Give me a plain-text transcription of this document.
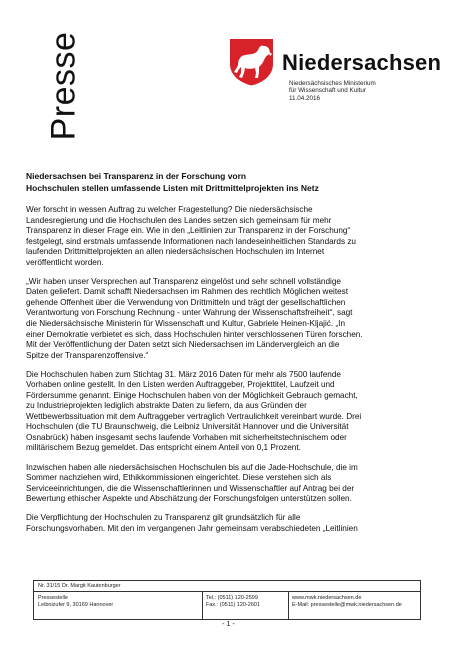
Presse	Niedersachsen
Niedersächsisches Ministerium
für Wissenschaft und Kultur
11.04.2016
Niedersachsen bei Transparenz in der Forschung vorn
Hochschulen stellen umfassende Listen mit Drittmittelprojekten ins Netz
Wer forscht in wessen Auftrag zu welcher Fragestellung? Die niedersächsische
Landesregierung und die Hochschulen des Landes setzen sich gemeinsam für mehr
Transparenz in dieser Frage ein. Wie in den „Leitlinien zur Transparenz in der Forschung“
festgelegt, sind erstmals umfassende Informationen nach landeseinheitlichen Standards zu
laufenden Drittmittelprojekten an allen niedersächsischen Hochschulen im Internet
veröffentlicht worden.
„Wir haben unser Versprechen auf Transparenz eingelöst und sehr schnell vollständige
Daten geliefert. Damit schafft Niedersachsen im Rahmen des rechtlich Möglichen weitest
gehende Offenheit über die Verwendung von Drittmitteln und trägt der gesellschaftlichen
Verantwortung von Forschung Rechnung - unter Wahrung der Wissenschaftsfreiheit“, sagt
die Niedersächsische Ministerin für Wissenschaft und Kultur, Gabriele Heinen-Kljajić. „In
einer Demokratie verbietet es sich, dass Hochschulen hinter verschlossenen Türen forschen.
Mit der Veröffentlichung der Daten setzt sich Niedersachsen im Ländervergleich an die
Spitze der Transparenzoffensive.“
Die Hochschulen haben zum Stichtag 31. März 2016 Daten für mehr als 7500 laufende
Vorhaben online gestellt. In den Listen werden Auftraggeber, Projekttitel, Laufzeit und
Fördersumme genannt. Einige Hochschulen haben von der Möglichkeit Gebrauch gemacht,
zu Industrieprojekten lediglich abstrakte Daten zu liefern, da aus Gründen der
Wettbewerbssituation mit dem Auftraggeber vertraglich Vertraulichkeit vereinbart wurde. Drei
Hochschulen (die TU Braunschweig, die Leibniz Universität Hannover und die Universität
Osnabrück) haben insgesamt sechs laufende Vorhaben mit sicherheitstechnischem oder
militärischem Bezug gemeldet. Das entspricht einem Anteil von 0,1 Prozent.
Inzwischen haben alle niedersächsischen Hochschulen bis auf die Jade-Hochschule, die im
Sommer nachziehen wird, Ethikkommissionen eingerichtet. Diese verstehen sich als
Serviceeinrichtungen, die die Wissenschaftlerinnen und Wissenschaftler auf Antrag bei der
Bewertung ethischer Aspekte und Abschätzung der Forschungsfolgen unterstützen sollen.
Die Verpflichtung der Hochschulen zu Transparenz gilt grundsätzlich für alle
Forschungsvorhaben. Mit den im vergangenen Jahr gemeinsam verabschiedeten „Leitlinien
Nr. 31/15 Dr. Margit Kautenburger
Pressestelle
Leibnizufer 9, 30169 Hannover
Tel.: (0511) 120-2599
Fax.: (0511) 120-2601
www.mwk.niedersachsen.de
E-Mail: pressestelle@mwk.niedersachsen.de
- 1 -
